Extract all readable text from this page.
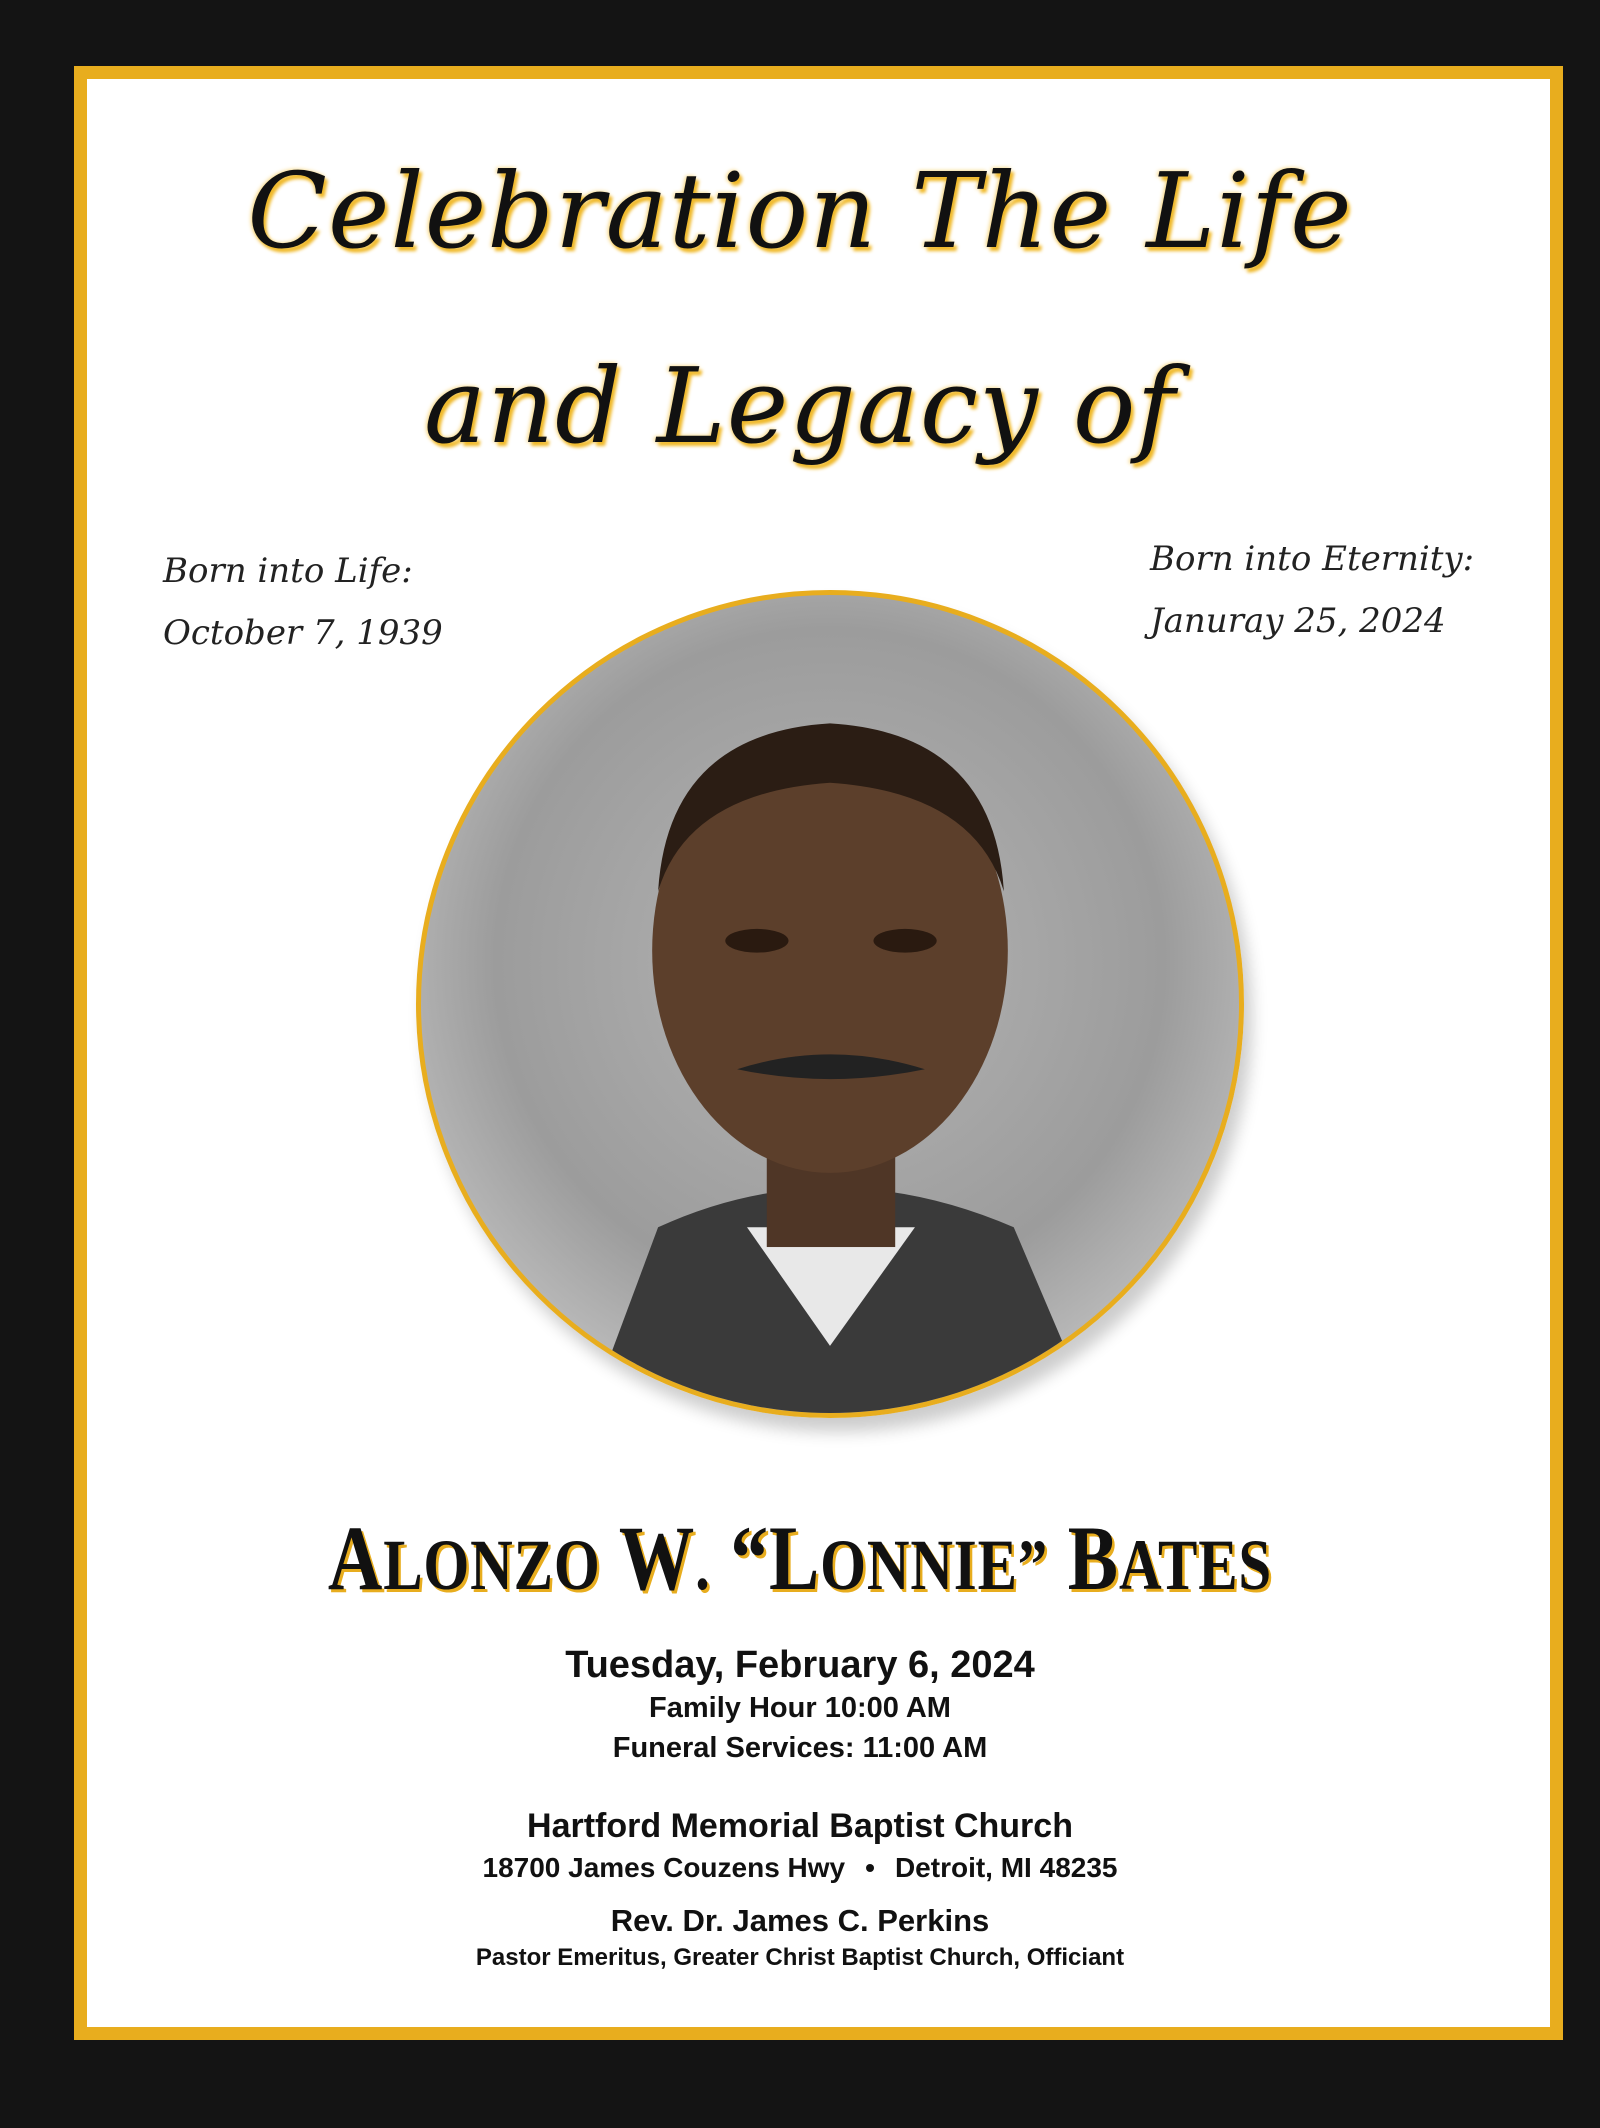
Celebration The Life
and Legacy of
Born into Life:
October 7, 1939
Born into Eternity:
Januray 25, 2024
ALONZO W. “LONNIE” BATES
Tuesday, February 6, 2024
Family Hour 10:00 AM
Funeral Services: 11:00 AM
Hartford Memorial Baptist Church
18700 James Couzens Hwy • Detroit, MI 48235
Rev. Dr. James C. Perkins
Pastor Emeritus, Greater Christ Baptist Church, Officiant
